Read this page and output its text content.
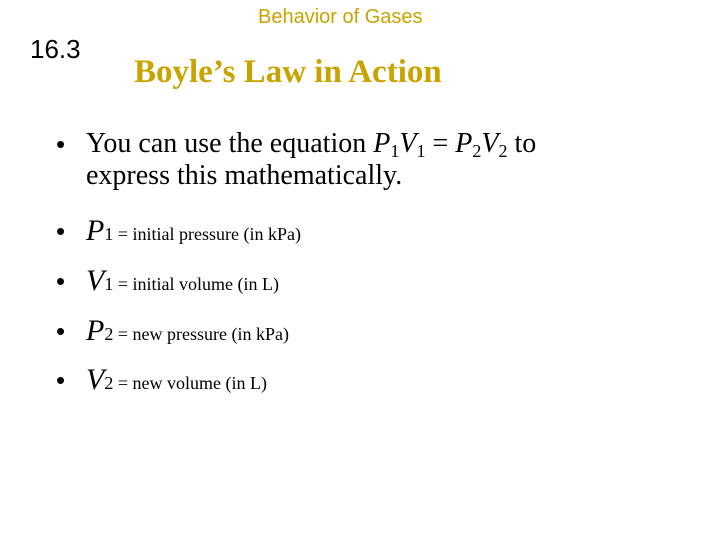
Behavior of Gases
16.3
Boyle’s Law in Action
• You can use the equation $P_1V_1 = P_2V_2$ to
express this mathematically.
• P1 = initial pressure (in kPa)
• V1 = initial volume (in L)
• P2 = new pressure (in kPa)
• V2 = new volume (in L)
